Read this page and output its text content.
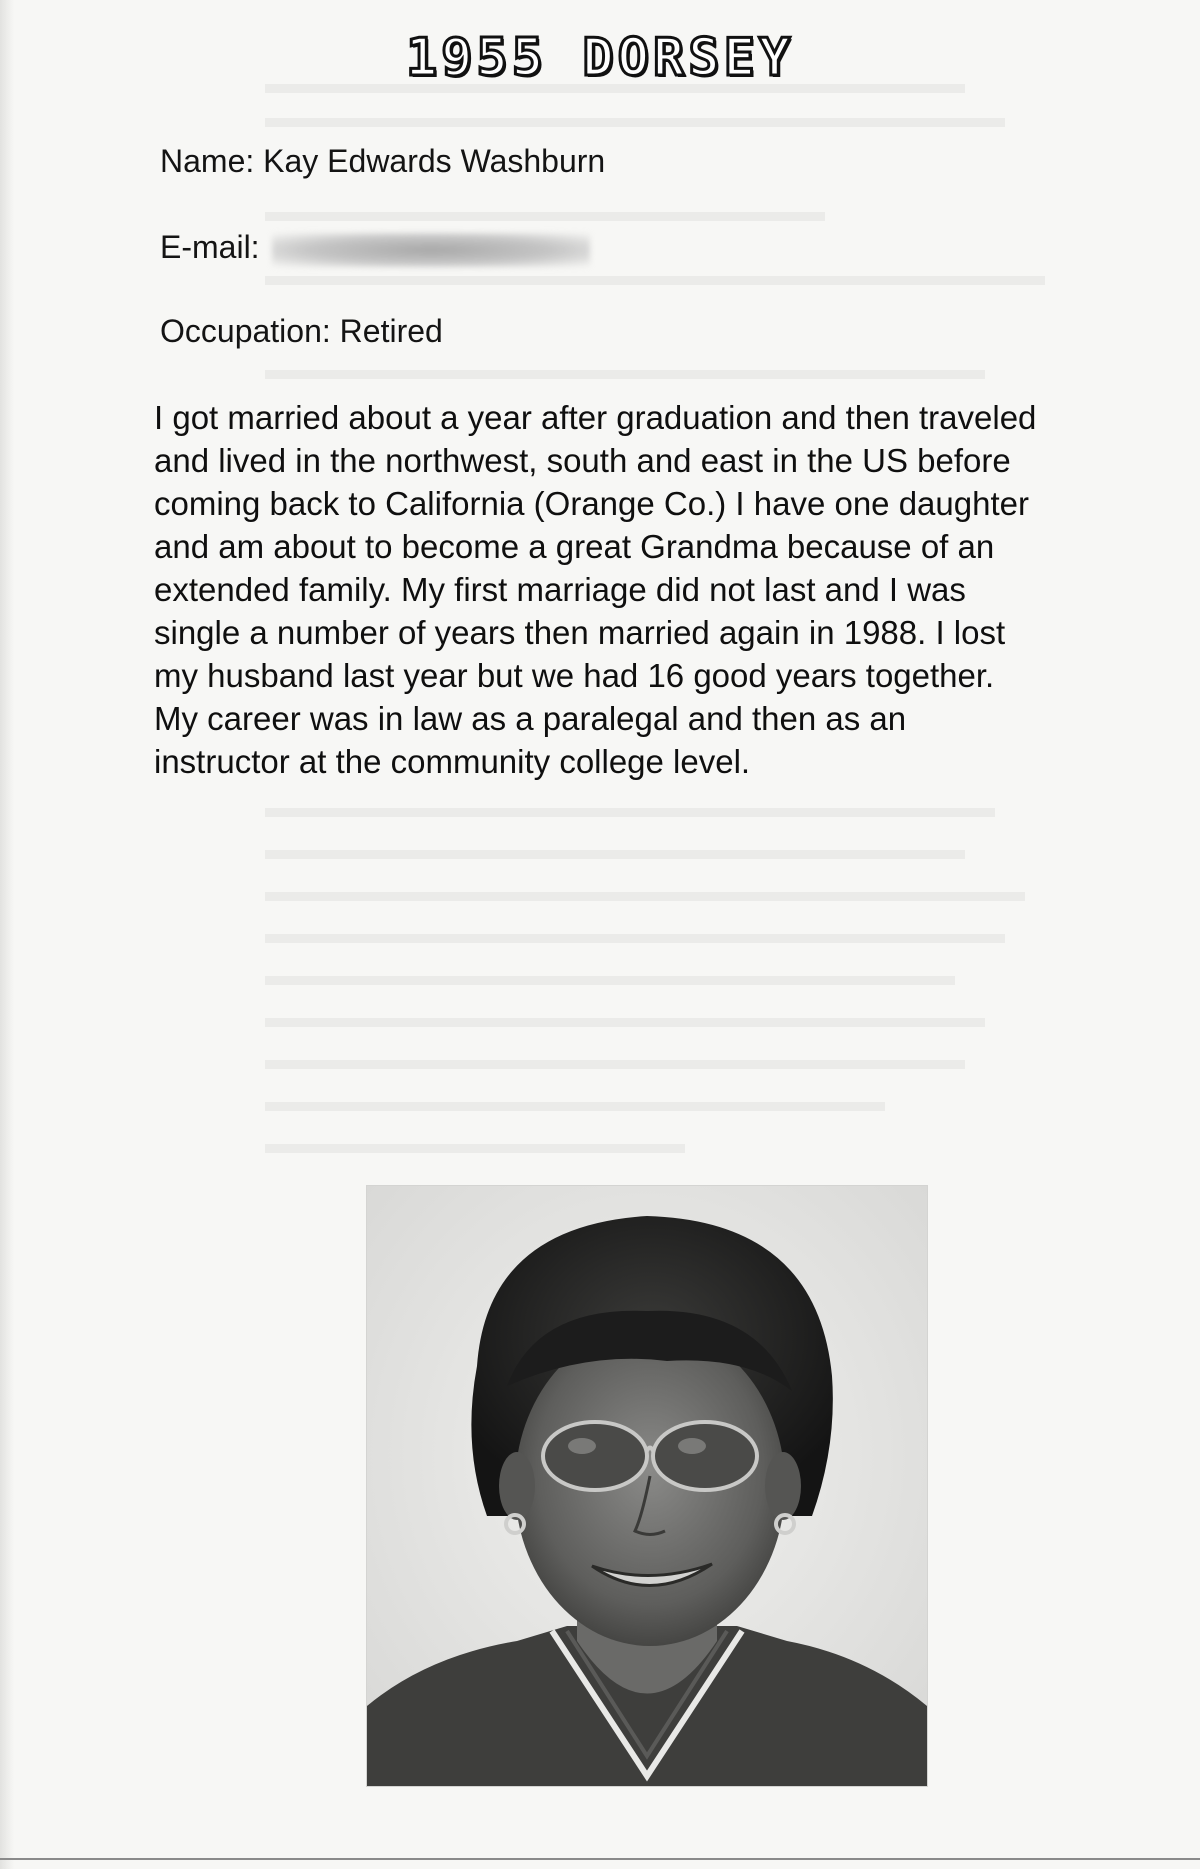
1955 DORSEY
Name: Kay Edwards Washburn
E-mail:
Occupation: Retired
I got married about a year after graduation and then traveled
and lived in the northwest, south and east in the US before
coming back to California (Orange Co.) I have one daughter
and am about to become a great Grandma because of an
extended family. My first marriage did not last and I was
single a number of years then married again in 1988. I lost
my husband last year but we had 16 good years together.
My career was in law as a paralegal and then as an
instructor at the community college level.
